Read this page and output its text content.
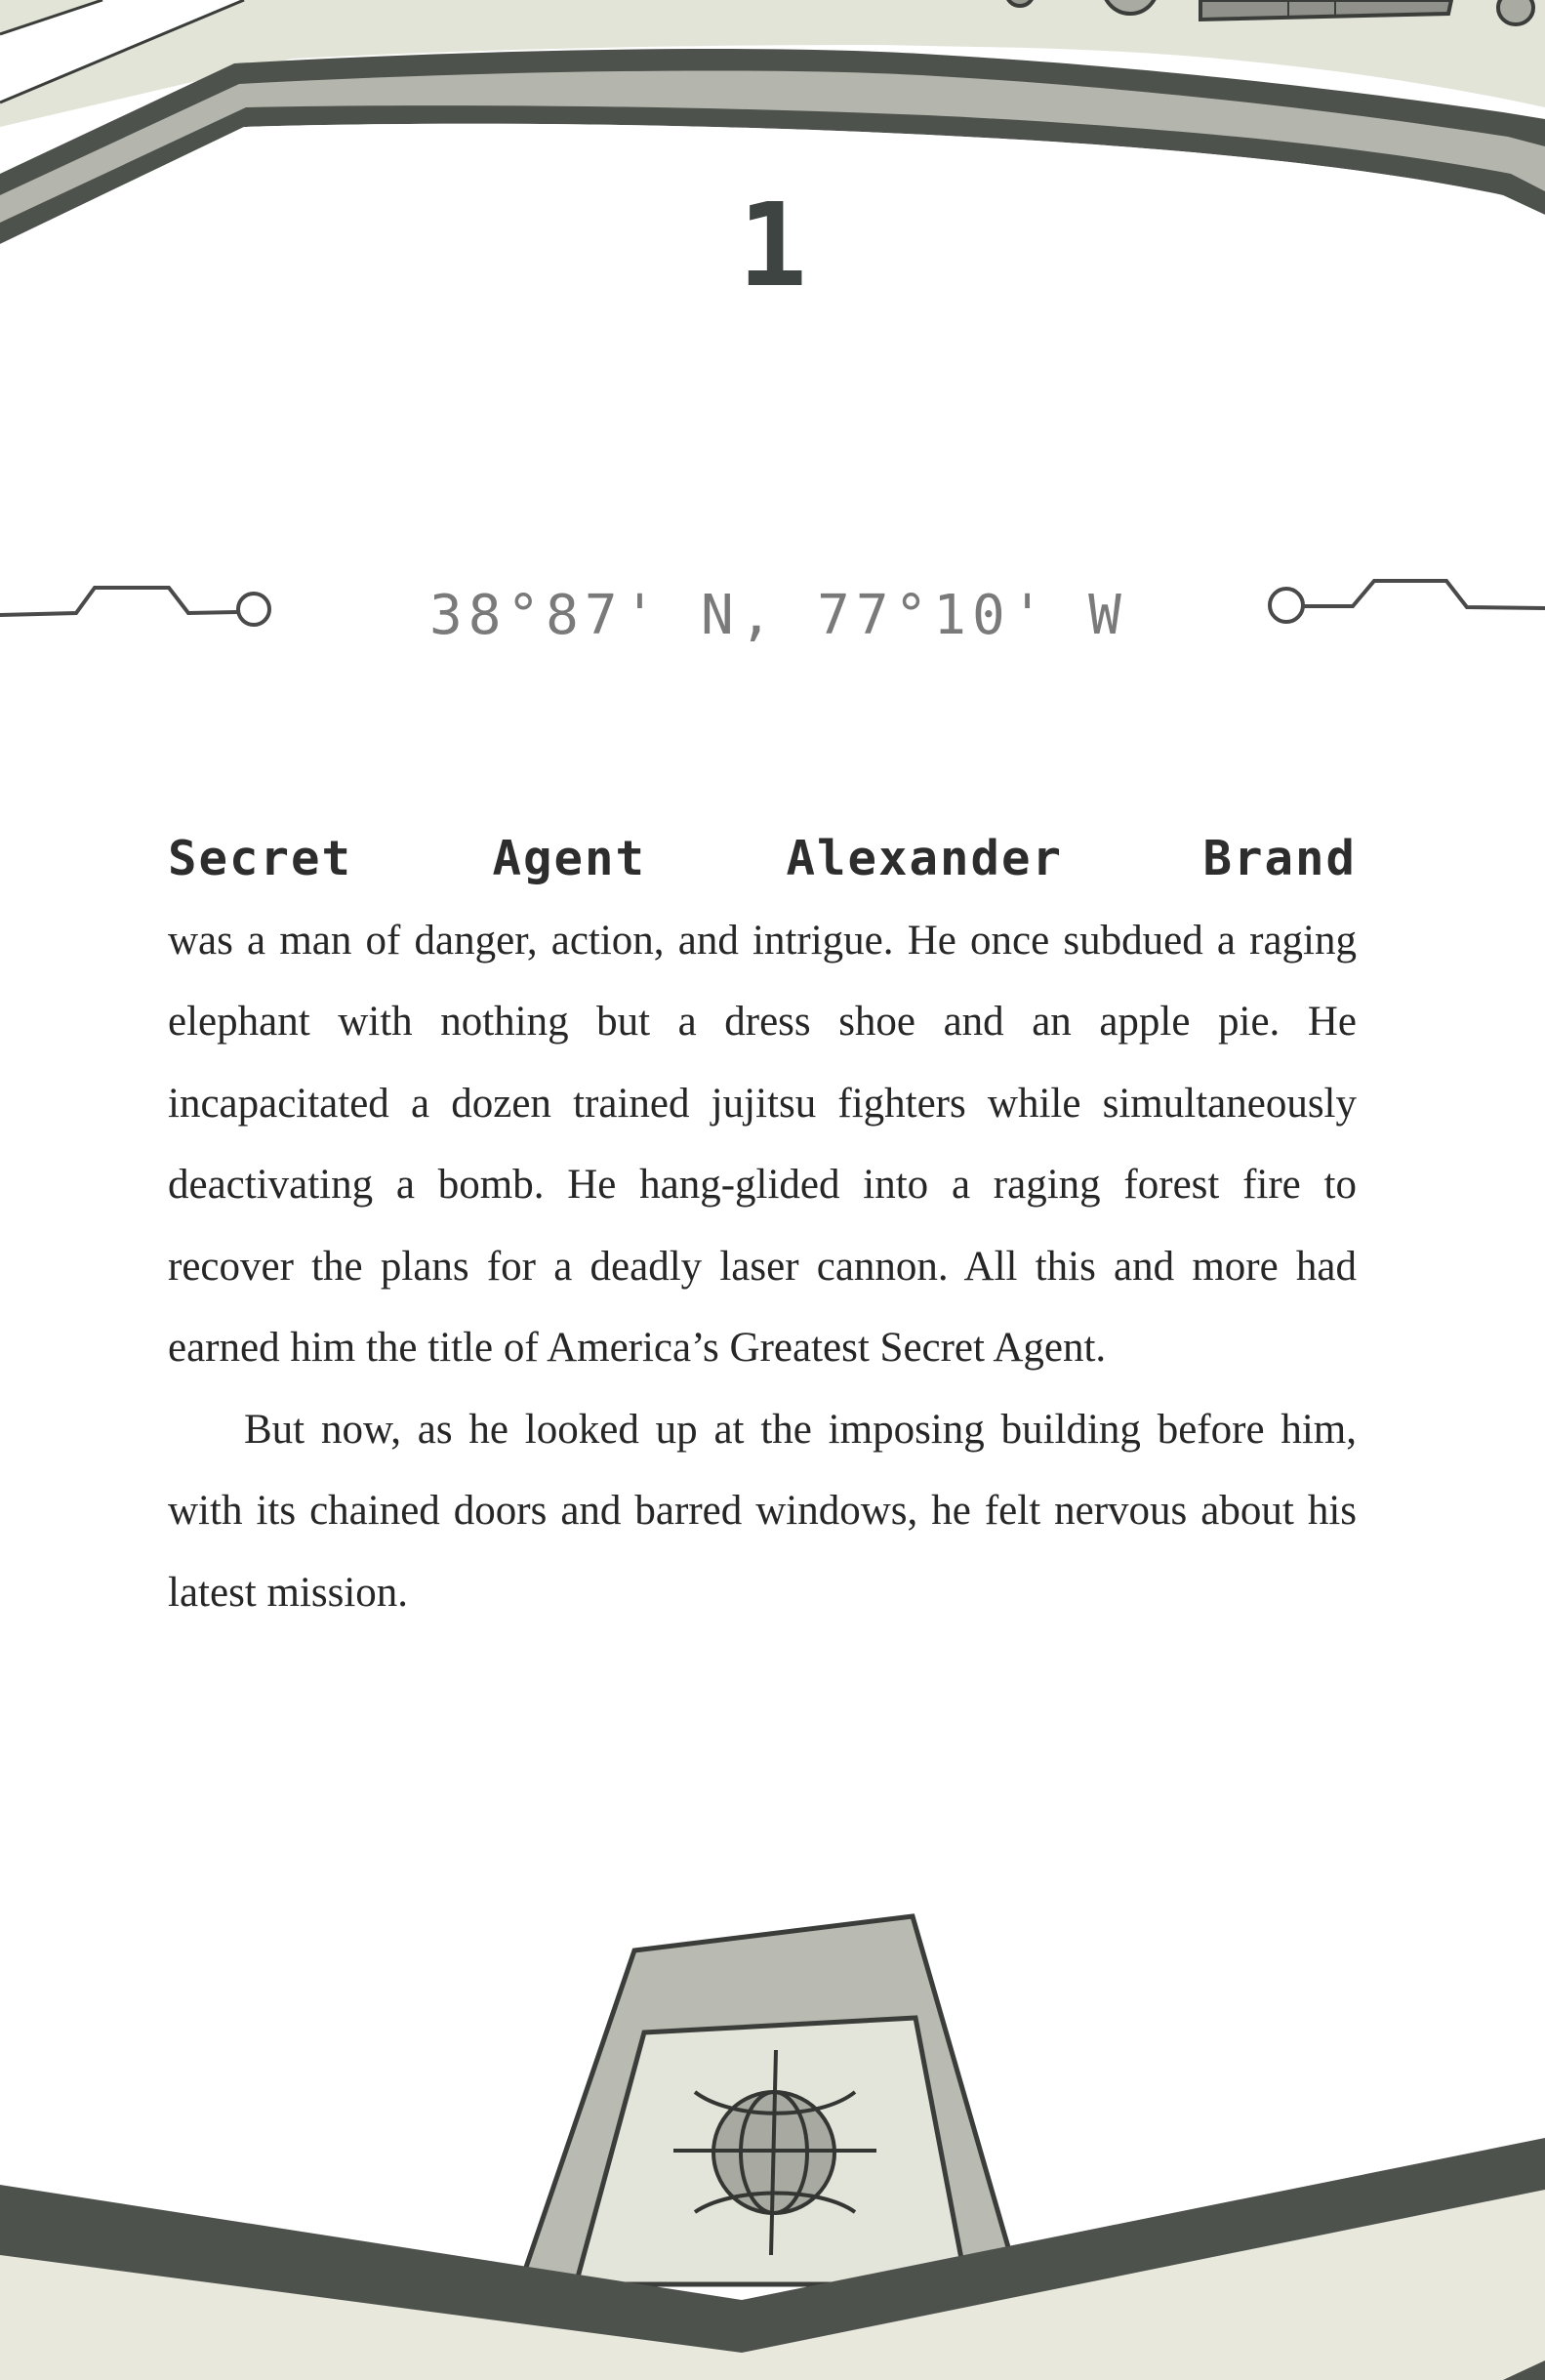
1
38°87' N, 77°10' W
Secret	Agent	Alexander	Brand

was a man of danger, action, and intrigue. He once subdued a raging elephant with nothing but a dress shoe and an apple pie. He incapacitated a dozen trained jujitsu fighters while simultaneously deactivating a bomb. He hang-glided into a raging forest fire to recover the plans for a deadly laser cannon. All this and more had earned him the title of America’s Greatest Secret Agent.

But now, as he looked up at the imposing building before him, with its chained doors and barred windows, he felt nervous about his latest mission.
